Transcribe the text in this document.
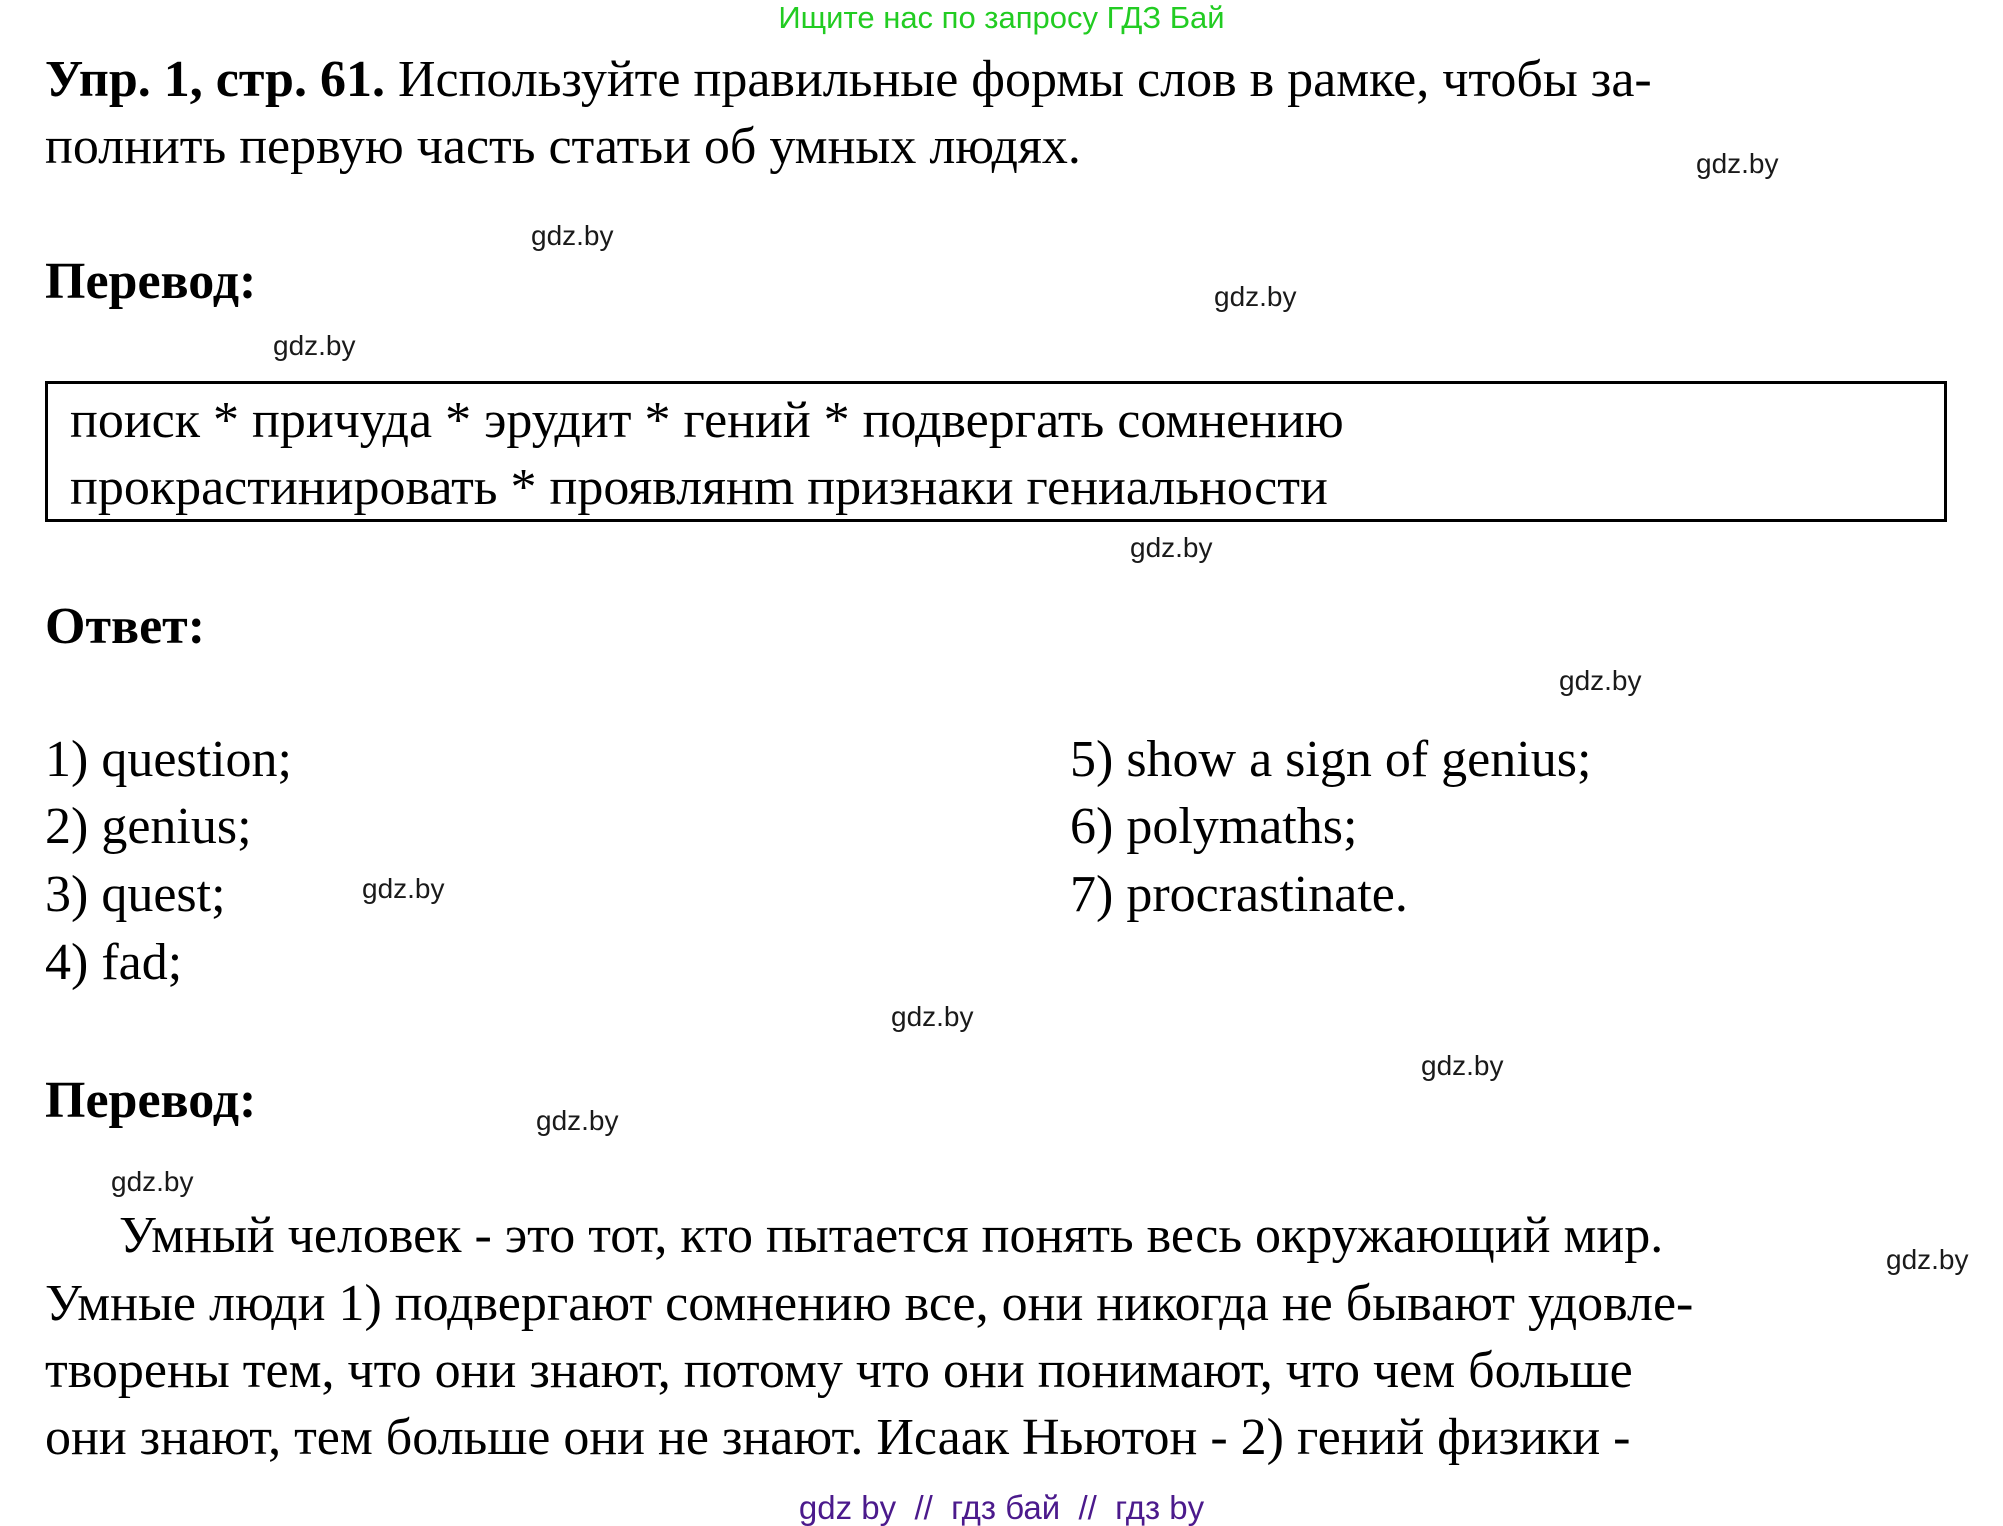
Ищите нас по запросу ГДЗ Бай
Упр. 1, стр. 61. Используйте правильные формы слов в рамке, чтобы за-
полнить первую часть статьи об умных людях.
Перевод:
поиск * причуда * эрудит * гений * подвергать сомнению
прокрастинировать * проявлянm признаки гениальности
Ответ:
1) question;
2) genius;
3) quest;
4) fad;
5) show a sign of genius;
6) polymaths;
7) procrastinate.
Перевод:
Умный человек - это тот, кто пытается понять весь окружающий мир.
Умные люди 1) подвергают сомнению все, они никогда не бывают удовле-
творены тем, что они знают, потому что они понимают, что чем больше
они знают, тем больше они не знают. Исаак Ньютон - 2) гений физики -
gdz.by
gdz.by
gdz.by
gdz.by
gdz.by
gdz.by
gdz.by
gdz.by
gdz.by
gdz.by
gdz.by
gdz.by
gdz by  //  гдз бай  //  гдз by
